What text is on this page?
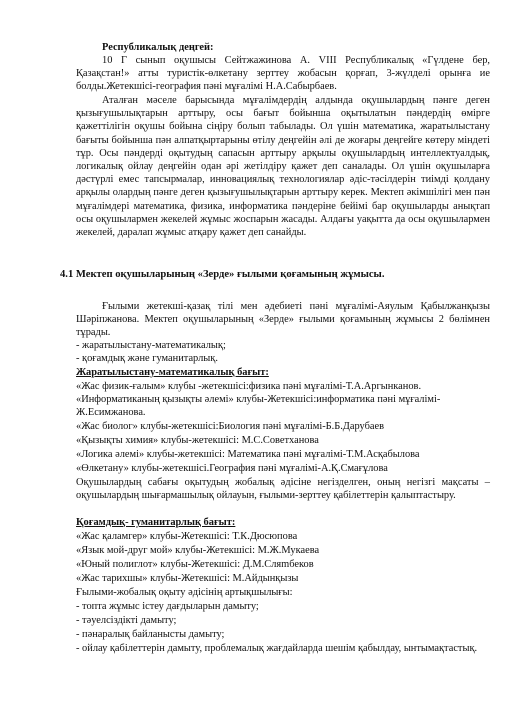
Республикалық деңгей:

10 Г сынып оқушысы Сейтжажинова А. VIII Республикалық «Гүлдене бер, Қазақстан!» атты туристік-өлкетану зерттеу жобасын қорғап, 3-жүлделі орынға ие болды.Жетекшісі-география пәні мұғалімі Н.А.Сабырбаев.

Аталған мәселе барысында мұғалімдердің алдында оқушылардың пәнге деген қызығушылықтарын арттыру, осы бағыт бойынша оқытылатын пәндердің өміргe қажеттілігін оқушы бойына сіңіру болып табылады. Ол үшін математика, жаратылыстану бағыты бойынша пән алпатқыртарыны өтілу деңгейін әлі де жоғары деңгейге көтеру міндеті тұр. Осы пәндерді оқытудың сапасын арттыру арқылы оқушылардың интеллектуалдық, логикалық ойлау деңгейін одан әрі жетілдіру қажет деп саналады. Ол үшін оқушыларға дәстүрлі емес тапсырмалар, инновациялық технологиялар әдіс-тәсілдерін тиімді қолдану арқылы олардың пәнге деген қызығушылықтарын арттыру керек. Мектеп әкімшілігі мен пән мұғалімдері математика, физика, информатика пәндеріне бейімі бар оқушыларды анықтап осы оқушылармен жекелей жұмыс жоспарын жасады. Алдағы уақытта да осы оқушылармен жекелей, даралап жұмыс атқару қажет деп санайды.

4.1 Мектеп оқушыларының «Зерде» ғылыми қоғамының жұмысы.

Ғылыми жетекші-қазақ тілі мен әдебиеті пәні мұғалімі-Аяулым Қабылжанқызы Шәріпжанова. Мектеп оқушыларының «Зерде» ғылыми қоғамының жұмысы 2 бөлімнен тұрады.

- жаратылыстану-математикалық;

- қоғамдық және гуманитарлық.

Жаратылыстану-математикалық бағыт:

«Жас физик-ғалым» клубы -жетекшісі:физика пәні мұғалімі-Т.А.Аргынканов.

«Информатиканың қызықты әлемі» клубы-Жетекшісі:информатика пәні мұғалімі-

Ж.Есимжанова.

«Жас биолог» клубы-жетекшісі:Биология пәні мұғалімі-Б.Б.Дарубаев

«Қызықты химия» клубы-жетекшісі: М.С.Советханова

«Логика әлемі» клубы-жетекшісі: Математика пәні мұғалімі-Т.М.Асқабылова

«Өлкетану» клубы-жетекшісі.География пәні мұғалімі-А.Қ.Смағұлова

Оқушылардың сабағы оқытудың жобалық әдісіне негізделген, оның негізгі мақсаты – оқушылардың шығармашылық ойлауын, ғылыми-зерттеу қабілеттерін қалыптастыру.

Қоғамдық- гуманитарлық бағыт:

«Жас қаламгер» клубы-Жетекшісі: Т.К.Дюсюпова

«Язык мой-друг мой» клубы-Жетекшісі: М.Ж.Мукаева

«Юный полиглот» клубы-Жетекшісі: Д.М.Сляmбеков

«Жас тарихшы» клубы-Жетекшісі: М.Айдынқызы

Ғылыми-жобалық оқыту әдісінің артықшылығы:

- топта жұмыс істеу дағдыларын дамыту;

- тәуелсіздікті дамыту;

- пәнаралық байланысты дамыту;

- ойлау қабілеттерін дамыту, проблемалық жағдайларда шешім қабылдау, ынтымақтастық.
